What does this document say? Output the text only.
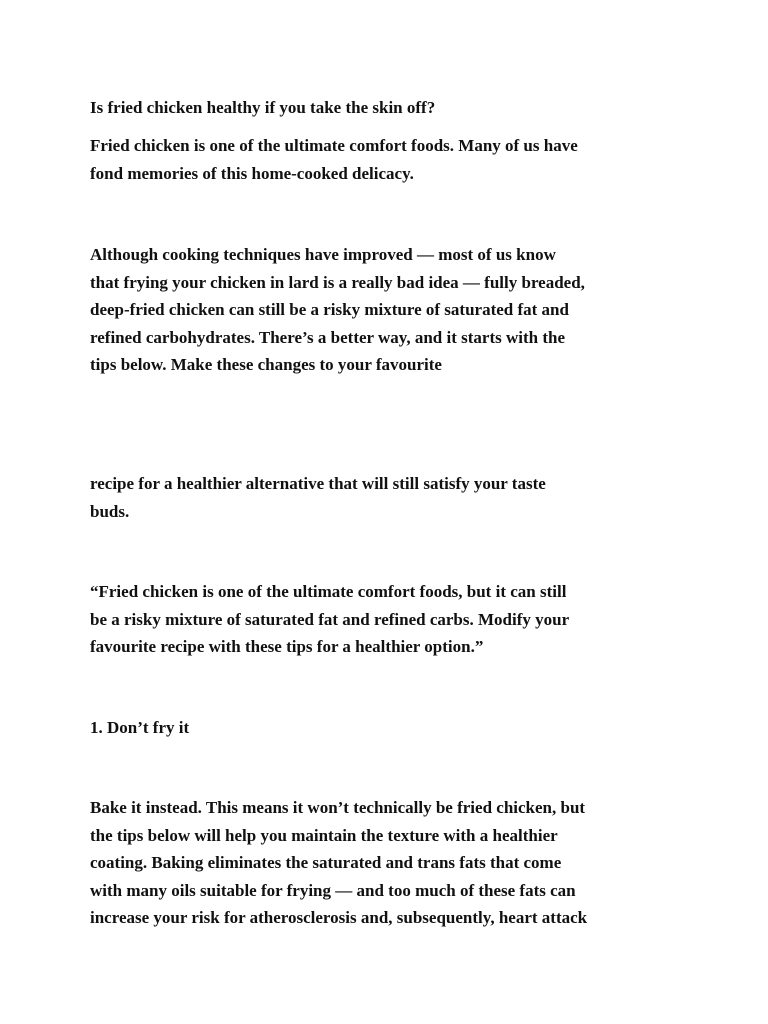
Is fried chicken healthy if you take the skin off?

Fried chicken is one of the ultimate comfort foods. Many of us have
fond memories of this home-cooked delicacy.

Although cooking techniques have improved — most of us know
that frying your chicken in lard is a really bad idea — fully breaded,
deep-fried chicken can still be a risky mixture of saturated fat and
refined carbohydrates. There’s a better way, and it starts with the
tips below. Make these changes to your favourite

recipe for a healthier alternative that will still satisfy your taste
buds.

“Fried chicken is one of the ultimate comfort foods, but it can still
be a risky mixture of saturated fat and refined carbs. Modify your
favourite recipe with these tips for a healthier option.”

1. Don’t fry it

Bake it instead. This means it won’t technically be fried chicken, but
the tips below will help you maintain the texture with a healthier
coating. Baking eliminates the saturated and trans fats that come
with many oils suitable for frying — and too much of these fats can
increase your risk for atherosclerosis and, subsequently, heart attack
